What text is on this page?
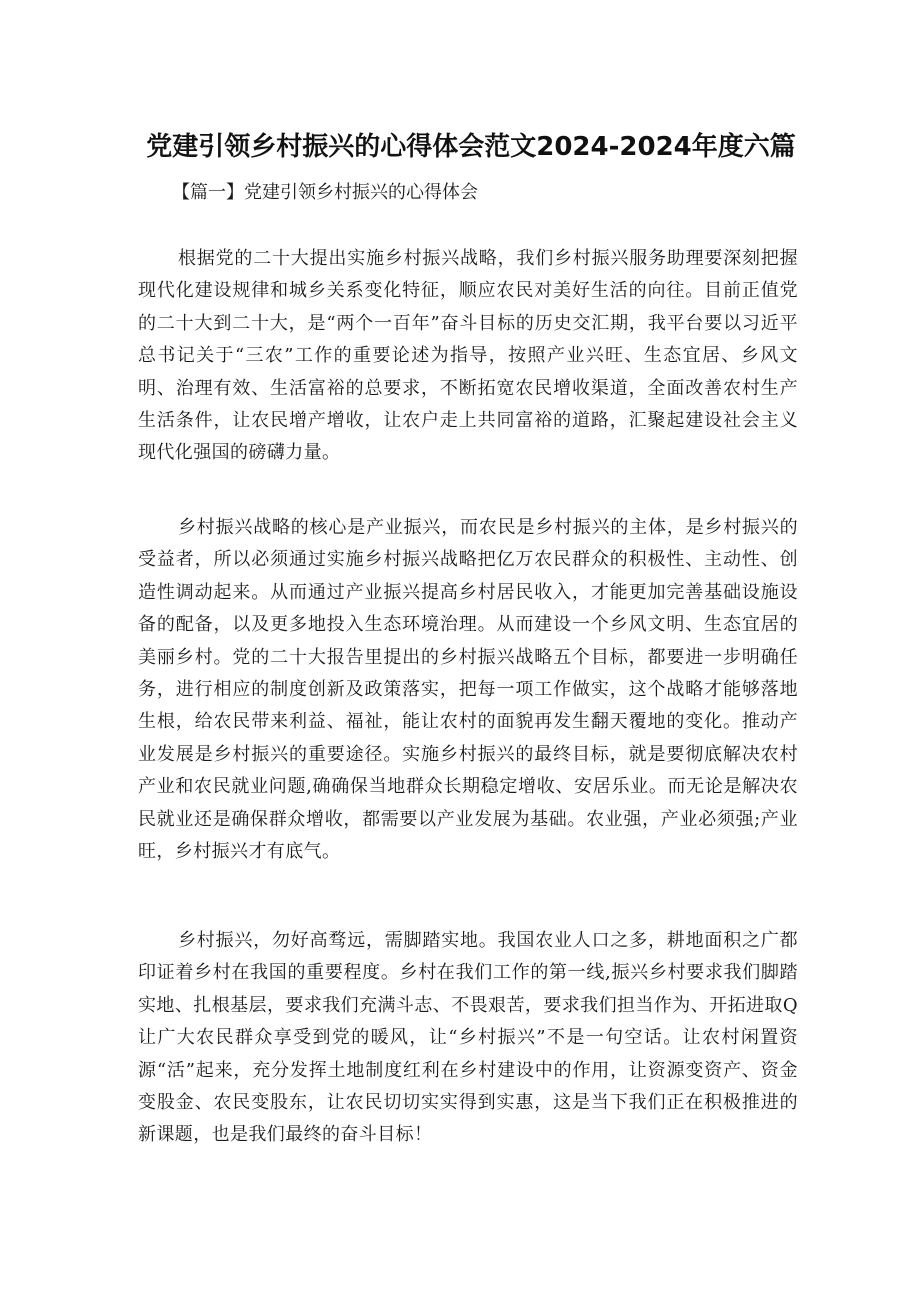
党建引领乡村振兴的心得体会范文2024-2024年度六篇
【篇一】党建引领乡村振兴的心得体会

根据党的二十大提出实施乡村振兴战略，我们乡村振兴服务助理要深刻把握现代化建设规律和城乡关系变化特征，顺应农民对美好生活的向往。目前正值党的二十大到二十大，是“两个一百年”奋斗目标的历史交汇期，我平台要以习近平总书记关于“三农”工作的重要论述为指导，按照产业兴旺、生态宜居、乡风文明、治理有效、生活富裕的总要求，不断拓宽农民增收渠道，全面改善农村生产生活条件，让农民增产增收，让农户走上共同富裕的道路，汇聚起建设社会主义现代化强国的磅礴力量。

乡村振兴战略的核心是产业振兴，而农民是乡村振兴的主体，是乡村振兴的受益者，所以必须通过实施乡村振兴战略把亿万农民群众的积极性、主动性、创造性调动起来。从而通过产业振兴提高乡村居民收入，才能更加完善基础设施设备的配备，以及更多地投入生态环境治理。从而建设一个乡风文明、生态宜居的美丽乡村。党的二十大报告里提出的乡村振兴战略五个目标，都要进一步明确任务，进行相应的制度创新及政策落实，把每一项工作做实，这个战略才能够落地生根，给农民带来利益、福祉，能让农村的面貌再发生翻天覆地的变化。推动产业发展是乡村振兴的重要途径。实施乡村振兴的最终目标，就是要彻底解决农村产业和农民就业问题,确确保当地群众长期稳定增收、安居乐业。而无论是解决农民就业还是确保群众增收，都需要以产业发展为基础。农业强，产业必须强;产业旺，乡村振兴才有底气。

乡村振兴，勿好高骛远，需脚踏实地。我国农业人口之多，耕地面积之广都印证着乡村在我国的重要程度。乡村在我们工作的第一线,振兴乡村要求我们脚踏实地、扎根基层，要求我们充满斗志、不畏艰苦，要求我们担当作为、开拓进取Q让广大农民群众享受到党的暖风，让“乡村振兴”不是一句空话。让农村闲置资源“活”起来，充分发挥土地制度红利在乡村建设中的作用，让资源变资产、资金变股金、农民变股东，让农民切切实实得到实惠，这是当下我们正在积极推进的新课题，也是我们最终的奋斗目标！
